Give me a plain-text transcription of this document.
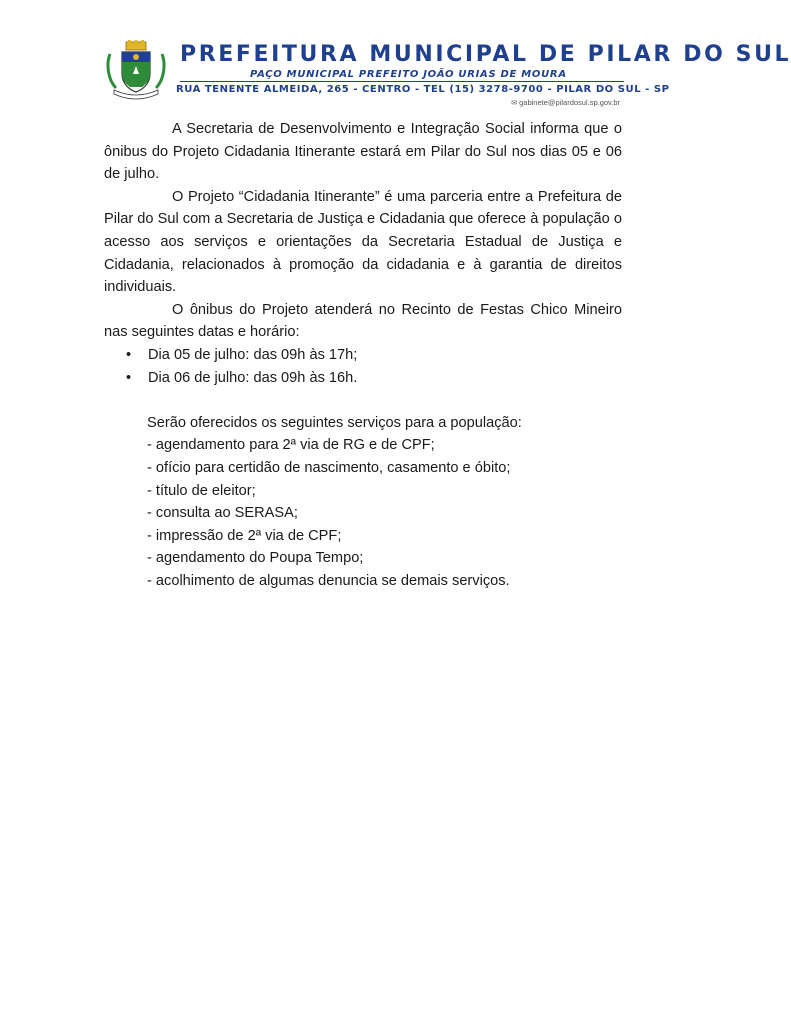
PREFEITURA MUNICIPAL DE PILAR DO SUL
PAÇO MUNICIPAL PREFEITO JOÃO URIAS DE MOURA
RUA TENENTE ALMEIDA, 265 - CENTRO - TEL (15) 3278-9700 - PILAR DO SUL - SP
✉ gabinete@pilardosul.sp.gov.br

A Secretaria de Desenvolvimento e Integração Social informa que o ônibus do Projeto Cidadania Itinerante estará em Pilar do Sul nos dias 05 e 06 de julho.

O Projeto “Cidadania Itinerante” é uma parceria entre a Prefeitura de Pilar do Sul com a Secretaria de Justiça e Cidadania que oferece à população o acesso aos serviços e orientações da Secretaria Estadual de Justiça e Cidadania, relacionados à promoção da cidadania e à garantia de direitos individuais.

O ônibus do Projeto atenderá no Recinto de Festas Chico Mineiro nas seguintes datas e horário:

• Dia 05 de julho: das 09h às 17h;
• Dia 06 de julho: das 09h às 16h.

Serão oferecidos os seguintes serviços para a população:

- agendamento para 2ª via de RG e de CPF;
- ofício para certidão de nascimento, casamento e óbito;
- título de eleitor;
- consulta ao SERASA;
- impressão de 2ª via de CPF;
- agendamento do Poupa Tempo;
- acolhimento de algumas denuncia se demais serviços.
